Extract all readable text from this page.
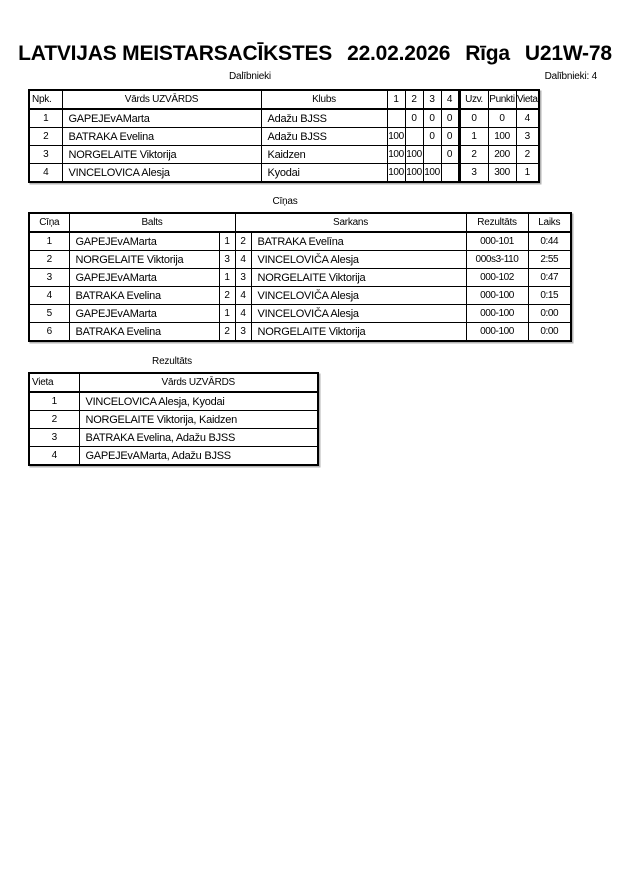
LATVIJAS MEISTARSACĪKSTES 22.02.2026 Rīga U21W-78
Dalībnieki	Dalībnieki: 4
Npk.	Vārds UZVĀRDS	Klubs	1	2	3	4	Uzv.	Punkti	Vieta
1	GAPEJEvAMarta	Adažu BJSS		0	0	0	0	0	4
2	BATRAKA Evelina	Adažu BJSS	100		0	0	1	100	3
3	NORGELAITE Viktorija	Kaidzen	100	100		0	2	200	2
4	VINCELOVICA Alesja	Kyodai	100	100	100		3	300	1
Cīņas
Cīņa	Balts		Sarkans		Rezultāts	Laiks
1	GAPEJEvAMarta	1	2	BATRAKA Evelīna	000-101	0:44
2	NORGELAITE Viktorija	3	4	VINCELOVIČA Alesja	000s3-110	2:55
3	GAPEJEvAMarta	1	3	NORGELAITE Viktorija	000-102	0:47
4	BATRAKA Evelina	2	4	VINCELOVIČA Alesja	000-100	0:15
5	GAPEJEvAMarta	1	4	VINCELOVIČA Alesja	000-100	0:00
6	BATRAKA Evelina	2	3	NORGELAITE Viktorija	000-100	0:00
Rezultāts
Vieta	Vārds UZVĀRDS
1	VINCELOVICA Alesja, Kyodai
2	NORGELAITE Viktorija, Kaidzen
3	BATRAKA Evelina, Adažu BJSS
4	GAPEJEvAMarta, Adažu BJSS
